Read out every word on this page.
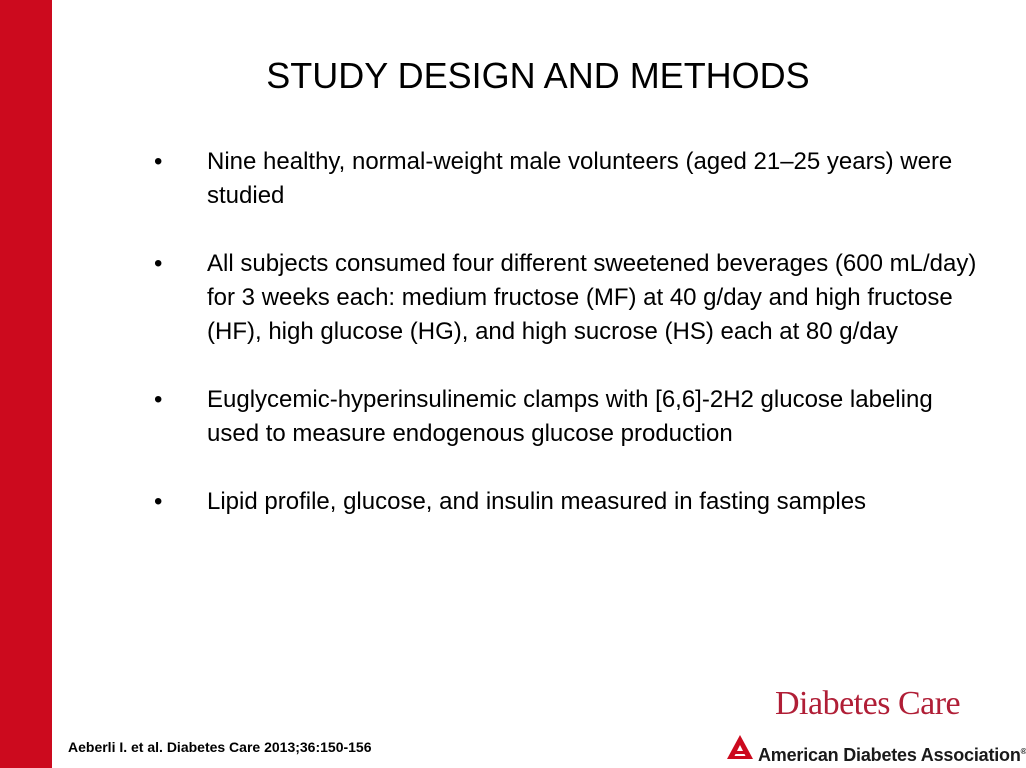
STUDY DESIGN AND METHODS
• Nine healthy, normal-weight male volunteers (aged 21–25 years) were studied
• All subjects consumed four different sweetened beverages (600 mL/day) for 3 weeks each: medium fructose (MF) at 40 g/day and high fructose (HF), high glucose (HG), and high sucrose (HS) each at 80 g/day
• Euglycemic-hyperinsulinemic clamps with [6,6]-2H2 glucose labeling used to measure endogenous glucose production
• Lipid profile, glucose, and insulin measured in fasting samples
Aeberli I. et al. Diabetes Care 2013;36:150-156
Diabetes Care
American Diabetes Association®
